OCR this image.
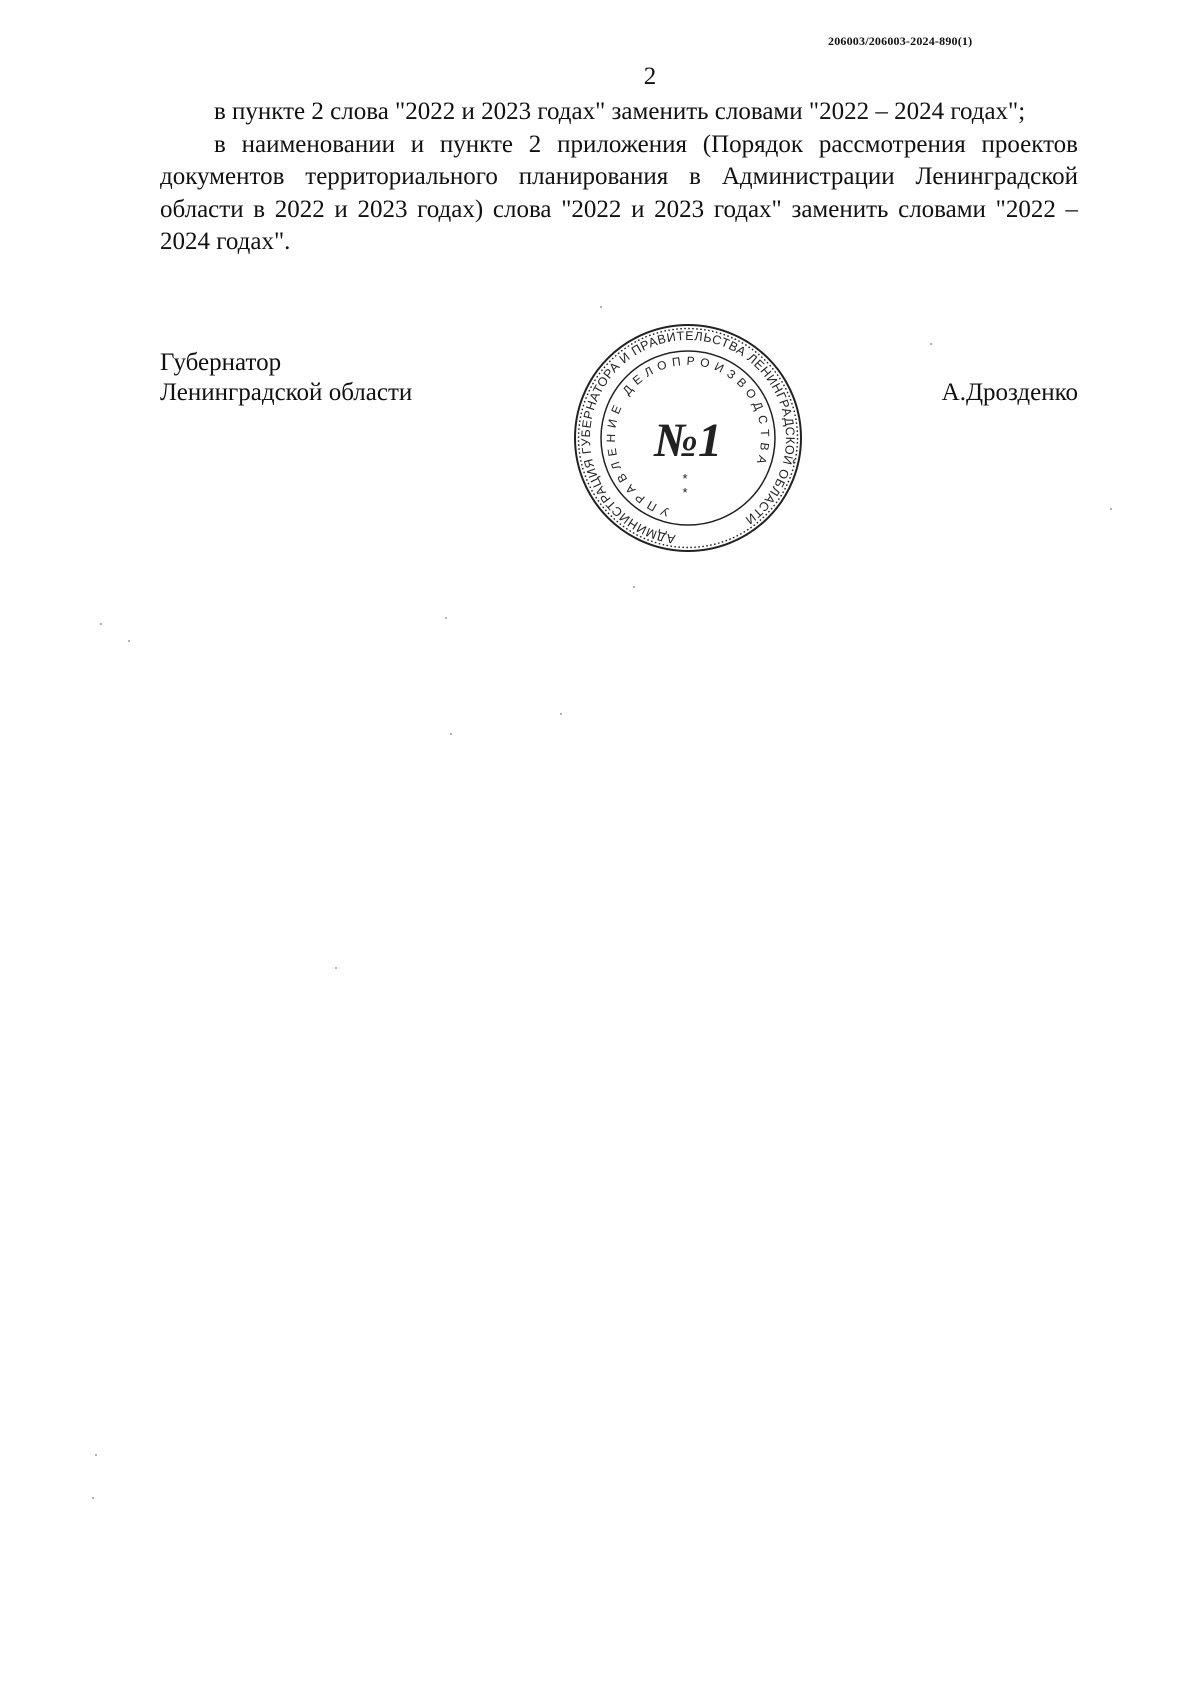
206003/206003-2024-890(1)
2

в пункте 2 слова "2022 и 2023 годах" заменить словами "2022 – 2024 годах";

в наименовании и пункте 2 приложения (Порядок рассмотрения проектов документов территориального планирования в Администрации Ленинградской области в 2022 и 2023 годах) слова "2022 и 2023 годах" заменить словами "2022 – 2024 годах".

Губернатор
Ленинградской области	А.Дрозденко
АДМИНИСТРАЦИЯ ГУБЕРНАТОРА И ПРАВИТЕЛЬСТВА ЛЕНИНГРАДСКОЙ ОБЛАСТИ
УПРАВЛЕНИЕ ДЕЛОПРОИЗВОДСТВА
№1
*
*
